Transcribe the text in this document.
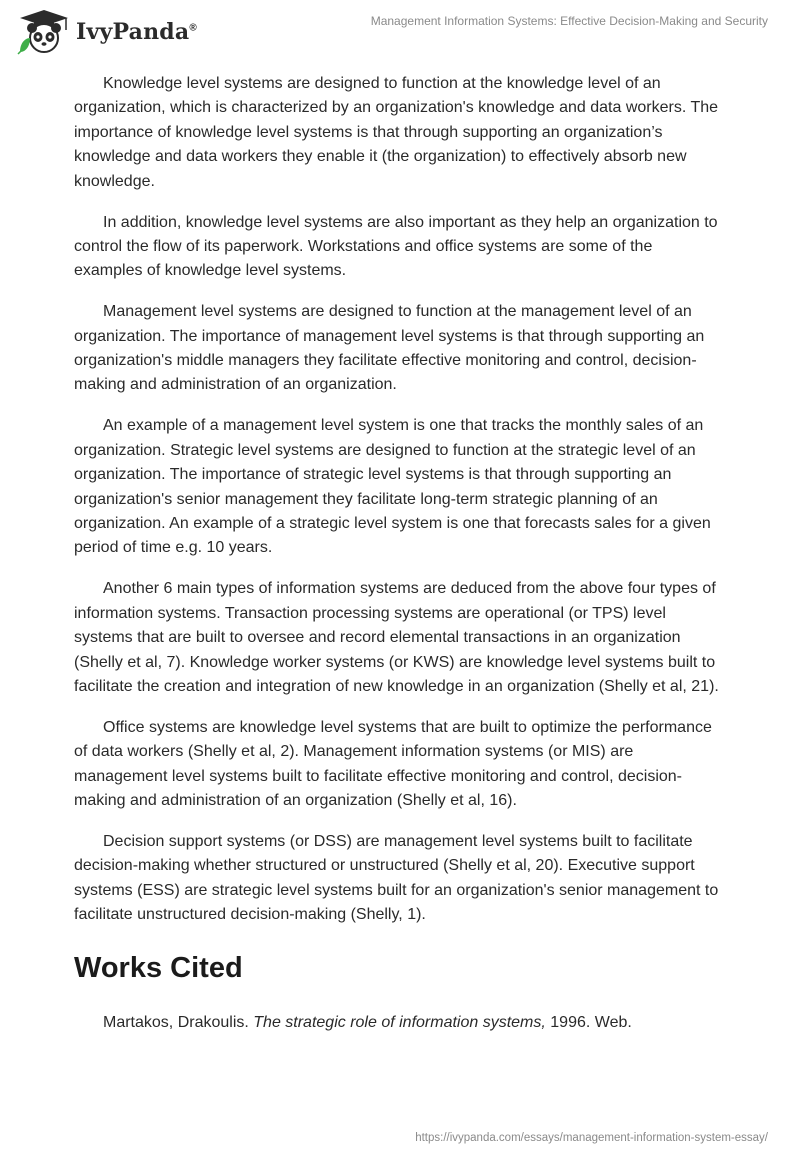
IvyPanda®
Management Information Systems: Effective Decision-Making and Security

Knowledge level systems are designed to function at the knowledge level of an organization, which is characterized by an organization's knowledge and data workers. The importance of knowledge level systems is that through supporting an organization’s knowledge and data workers they enable it (the organization) to effectively absorb new knowledge.

In addition, knowledge level systems are also important as they help an organization to control the flow of its paperwork. Workstations and office systems are some of the examples of knowledge level systems.

Management level systems are designed to function at the management level of an organization. The importance of management level systems is that through supporting an organization's middle managers they facilitate effective monitoring and control, decision-making and administration of an organization.

An example of a management level system is one that tracks the monthly sales of an organization. Strategic level systems are designed to function at the strategic level of an organization. The importance of strategic level systems is that through supporting an organization's senior management they facilitate long-term strategic planning of an organization. An example of a strategic level system is one that forecasts sales for a given period of time e.g. 10 years.

Another 6 main types of information systems are deduced from the above four types of information systems. Transaction processing systems are operational (or TPS) level systems that are built to oversee and record elemental transactions in an organization (Shelly et al, 7). Knowledge worker systems (or KWS) are knowledge level systems built to facilitate the creation and integration of new knowledge in an organization (Shelly et al, 21).

Office systems are knowledge level systems that are built to optimize the performance of data workers (Shelly et al, 2). Management information systems (or MIS) are management level systems built to facilitate effective monitoring and control, decision-making and administration of an organization (Shelly et al, 16).

Decision support systems (or DSS) are management level systems built to facilitate decision-making whether structured or unstructured (Shelly et al, 20). Executive support systems (ESS) are strategic level systems built for an organization's senior management to facilitate unstructured decision-making (Shelly, 1).

Works Cited

Martakos, Drakoulis. The strategic role of information systems, 1996. Web.

https://ivypanda.com/essays/management-information-system-essay/
